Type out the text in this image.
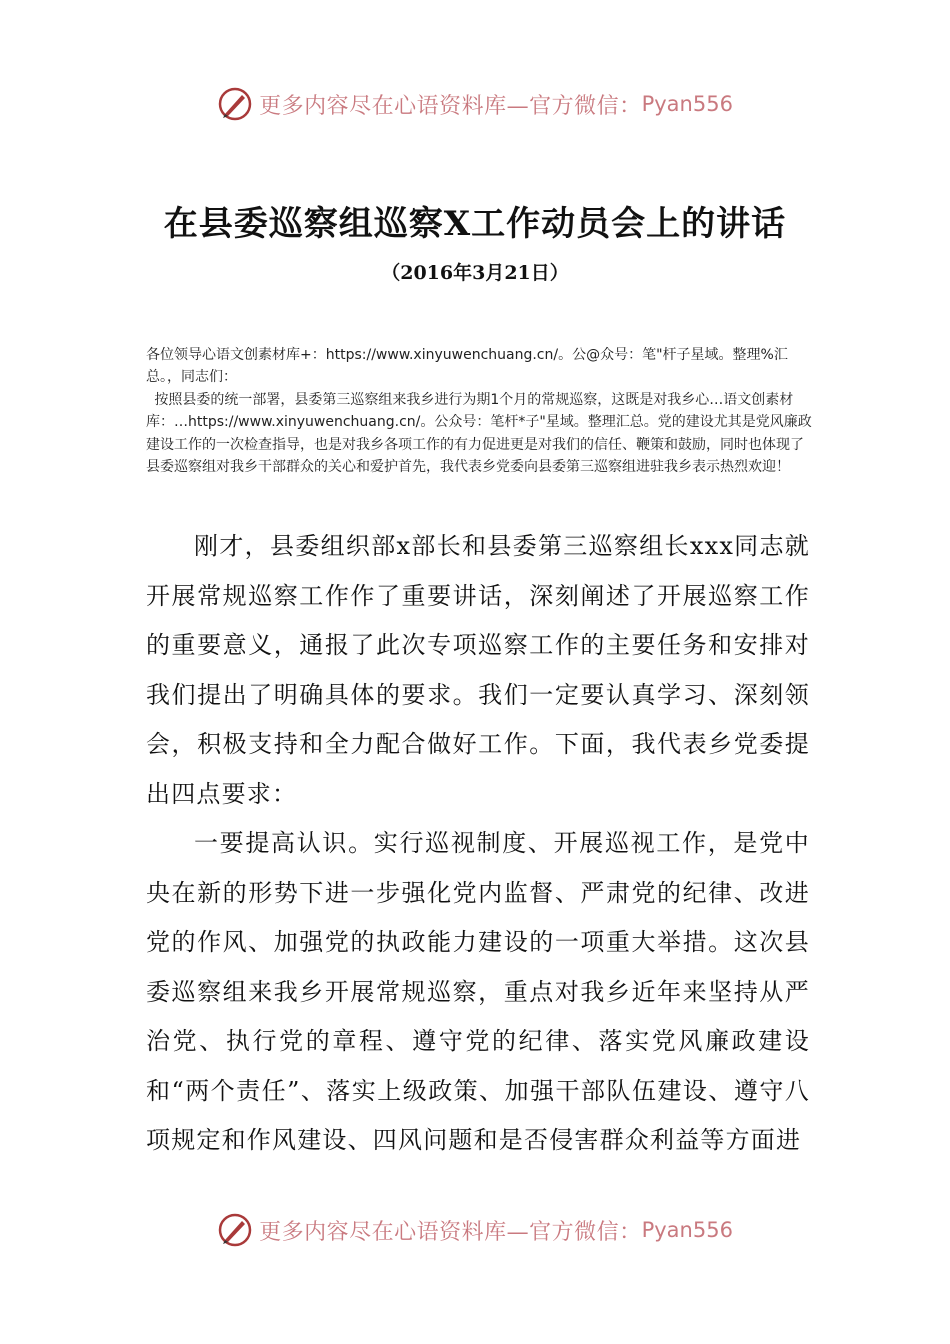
更多内容尽在心语资料库—官方微信： Pyan556
在县委巡察组巡察X工作动员会上的讲话
（2016年3月21日）

各位领导心语文创素材库+：https://www.xinyuwenchuang.cn/。公@众号：笔"杆子星域。整理%汇总。，同志们：

按照县委的统一部署，县委第三巡察组来我乡进行为期1个月的常规巡察，这既是对我乡心…语文创素材库：…https://www.xinyuwenchuang.cn/。公众号：笔杆*子"星域。整理汇总。党的建设尤其是党风廉政建设工作的一次检查指导，也是对我乡各项工作的有力促进更是对我们的信任、鞭策和鼓励，同时也体现了县委巡察组对我乡干部群众的关心和爱护首先，我代表乡党委向县委第三巡察组进驻我乡表示热烈欢迎！

刚才，县委组织部x部长和县委第三巡察组长xxx同志就开展常规巡察工作作了重要讲话，深刻阐述了开展巡察工作的重要意义，通报了此次专项巡察工作的主要任务和安排对我们提出了明确具体的要求。我们一定要认真学习、深刻领会，积极支持和全力配合做好工作。下面，我代表乡党委提出四点要求：

一要提高认识。实行巡视制度、开展巡视工作，是党中央在新的形势下进一步强化党内监督、严肃党的纪律、改进党的作风、加强党的执政能力建设的一项重大举措。这次县委巡察组来我乡开展常规巡察，重点对我乡近年来坚持从严治党、执行党的章程、遵守党的纪律、落实党风廉政建设和“两个责任”、落实上级政策、加强干部队伍建设、遵守八项规定和作风建设、四风问题和是否侵害群众利益等方面进

更多内容尽在心语资料库—官方微信： Pyan556
